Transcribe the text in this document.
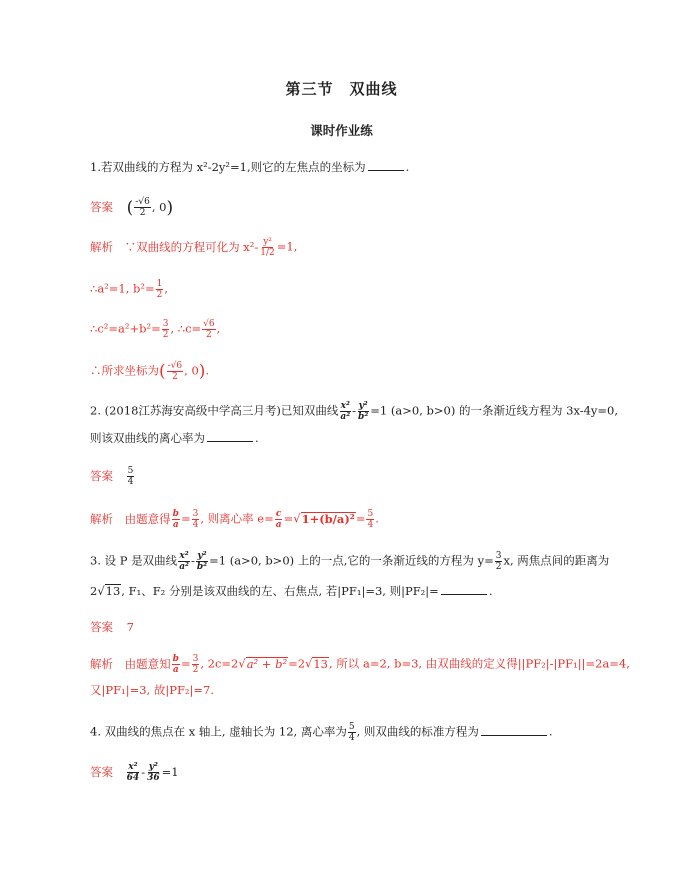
第三节　双曲线
课时作业练
1.若双曲线的方程为 x²-2y²=1,则它的左焦点的坐标为	.
答案 ( $\frac{-√6}{2}$ , 0)
解析 ∵双曲线的方程可化为 $x^2- \frac{\text{y²}}{1/2} =1$,
∴a²=1, $b^2= \frac{1}{2}$ ,
∴c²=a²+b²= $\frac{3}{2}$ , ∴c= $\frac{√6}{2}$ ,
∴所求坐标为( $\frac{-√6}{2}$ , 0).
2. (2018江苏海安高级中学高三月考)已知双曲线 $\frac{\text{x²}}{\text{a²}} - \frac{\text{y²}}{\text{b²}} =1$ (a>0, b>0) 的一条渐近线方程为 3x-4y=0,
则该双曲线的离心率为	.
答案 $\frac{5}{4}$
解析 由题意得 $\frac{b}{a} = \frac{3}{4}$ , 则离心率 $e= \frac{c}{a} =√1+(b/a)^2= \frac{5}{4}$ .
3. 设 P 是双曲线 $\frac{\text{x²}}{\text{a²}} - \frac{\text{y²}}{\text{b²}} =1$ (a>0, b>0) 上的一点,它的一条渐近线的方程为 $y= \frac{3}{2} x$, 两焦点间的距离为
2√13, F₁、F₂ 分别是该双曲线的左、右焦点, 若|PF₁|=3, 则|PF₂|=	.
答案 7
解析 由题意知 $\frac{b}{a} = \frac{3}{2}$ , 2c=2√a² + b²=2√13, 所以 a=2, b=3, 由双曲线的定义得||PF₂|-|PF₁||=2a=4,
又|PF₁|=3, 故|PF₂|=7.
4. 双曲线的焦点在 x 轴上, 虚轴长为 12, 离心率为 $\frac{5}{4}$ , 则双曲线的标准方程为	.
答案 $\frac{\text{x²}}{64} - \frac{\text{y²}}{36} =1$
